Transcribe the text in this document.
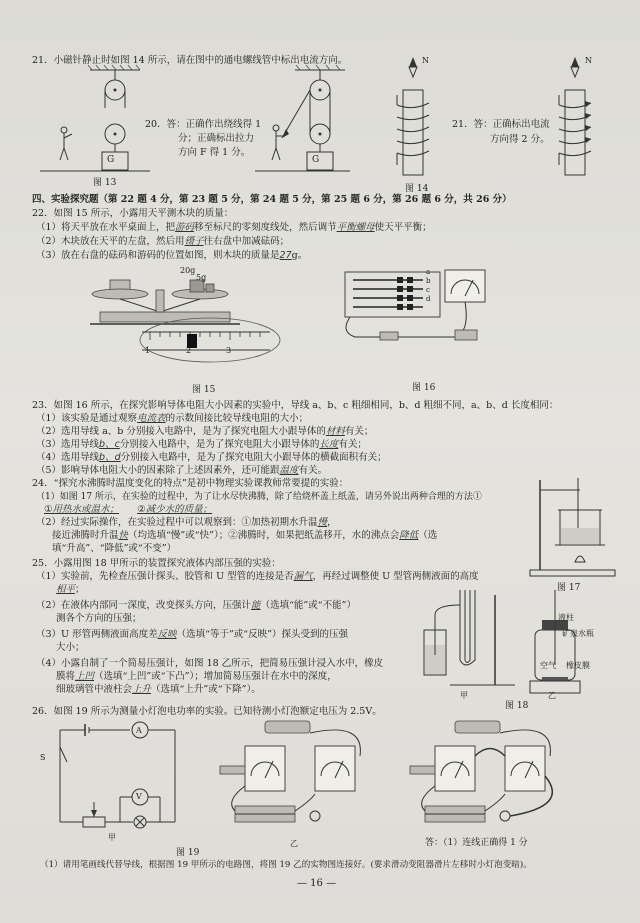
21．小磁针静止时如图 14 所示，请在图中的通电螺线管中标出电流方向。
G	G
20．答：正确作出绕线得 1
分；正确标出拉力
方向 F 得 1 分。
图 13
N	N
21．答：正确标出电流
方向得 2 分。
图 14
四、实验探究题（第 22 题 4 分，第 23 题 5 分，第 24 题 5 分，第 25 题 6 分，第 26 题 6 分，共 26 分）
22．如图 15 所示，小露用天平测木块的质量：
（1）将天平放在水平桌面上，把游码移至标尺的零刻度线处，然后调节平衡螺母使天平平衡；
（2）木块放在天平的左盘，然后用镊子往右盘中加减砝码；
（3）放在右盘的砝码和游码的位置如图，则木块的质量是27g。
20g
5g
1	2	3
图 15
a
b
c
d
图 16
23．如图 16 所示，在探究影响导体电阻大小因素的实验中，导线 a、b、c 粗细相同，b、d 粗细不同，a、b、d 长度相同：
（1）该实验是通过观察电流表的示数间接比较导线电阻的大小；
（2）选用导线 a、b 分别接入电路中，是为了探究电阻大小跟导体的材料有关；
（3）选用导线b、c分别接入电路中，是为了探究电阻大小跟导体的长度有关；
（4）选用导线b、d分别接入电路中，是为了探究电阻大小跟导体的横截面积有关；
（5）影响导体电阻大小的因素除了上述因素外，还可能跟温度有关。
24．“探究水沸腾时温度变化的特点”是初中物理实验课教师常要提的实验：
（1）如图 17 所示，在实验的过程中，为了让水尽快沸腾，除了给烧杯盖上纸盖，请另外说出两种合理的方法①
①用热水或温水； ②减少水的质量；
（2）经过实际操作，在实验过程中可以观察到：①加热初期水升温慢，
接近沸腾时升温快（均选填“慢”或“快”）；②沸腾时，如果把纸盖移开，水的沸点会降低（选
填“升高”、“降低”或“不变”）
图 17
25．小露用图 18 甲所示的装置探究液体内部压强的实验：
（1）实验前，先检查压强计探头、胶管和 U 型管的连接是否漏气，再经过调整使 U 型管两侧液面的高度
相平；
（2）在液体内部同一深度，改变探头方向，压强计能（选填“能”或“不能”）
测各个方向的压强；
（3）U 形管两侧液面高度差反映（选填“等于”或“反映”）探头受到的压强
大小；
（4）小露自制了一个简易压强计，如图 18 乙所示，把简易压强计浸入水中，橡皮
膜将上凹（选填“上凹”或“下凸”）；增加简易压强计在水中的深度，
细玻璃管中液柱会上升（选填“上升”或“下降”）。
液柱
矿泉水瓶
空气 橡皮膜
甲	乙
图 18
26．如图 19 所示为测量小灯泡电功率的实验。已知待测小灯泡额定电压为 2.5V。
A
V
S
甲
图 19
乙	答：（1）连线正确得 1 分
（1）请用笔画线代替导线，根据图 19 甲所示的电路图，将图 19 乙的实物图连接好。(要求滑动变阻器滑片左移时小灯泡变暗)。
— 16 —
